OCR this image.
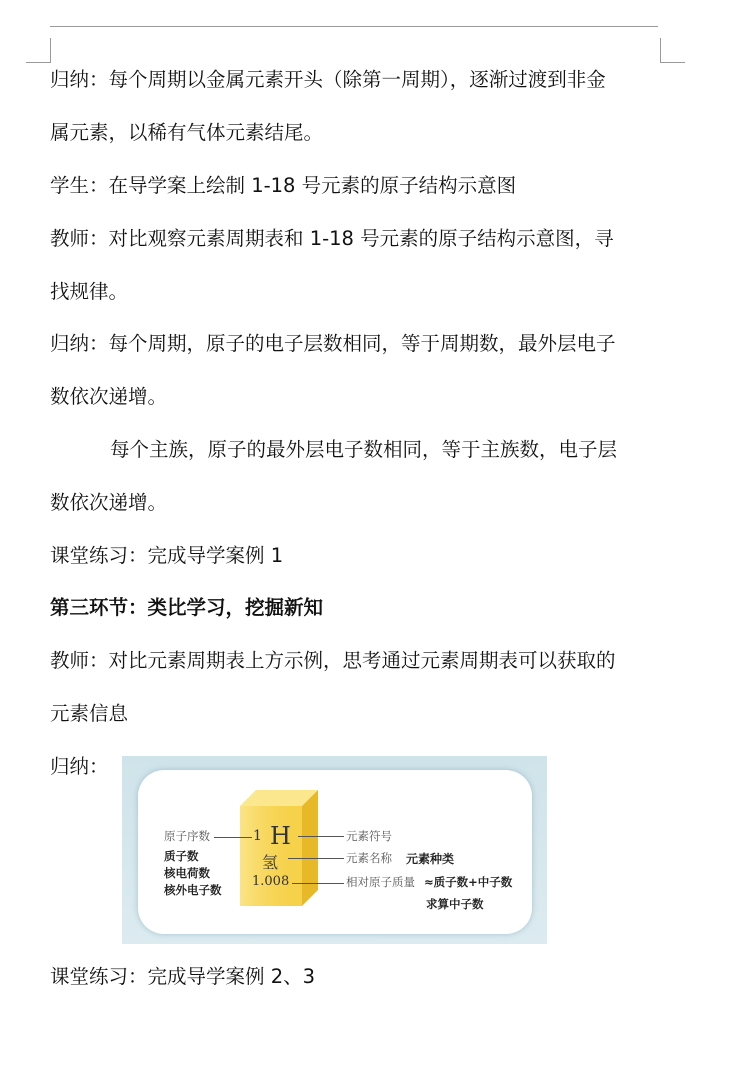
归纳：每个周期以金属元素开头（除第一周期），逐渐过渡到非金
属元素，以稀有气体元素结尾。
学生：在导学案上绘制 1-18 号元素的原子结构示意图
教师：对比观察元素周期表和 1-18 号元素的原子结构示意图，寻
找规律。
归纳：每个周期，原子的电子层数相同，等于周期数，最外层电子
数依次递增。
每个主族，原子的最外层电子数相同，等于主族数，电子层
数依次递增。
课堂练习：完成导学案例 1
第三环节：类比学习，挖掘新知
教师：对比元素周期表上方示例，思考通过元素周期表可以获取的
元素信息
归纳：
课堂练习：完成导学案例 2、3
原子序数
质子数
核电荷数
核外电子数
1 H
氢
1.008
元素符号
元素名称 元素种类
相对原子质量 ≈质子数+中子数
求算中子数
